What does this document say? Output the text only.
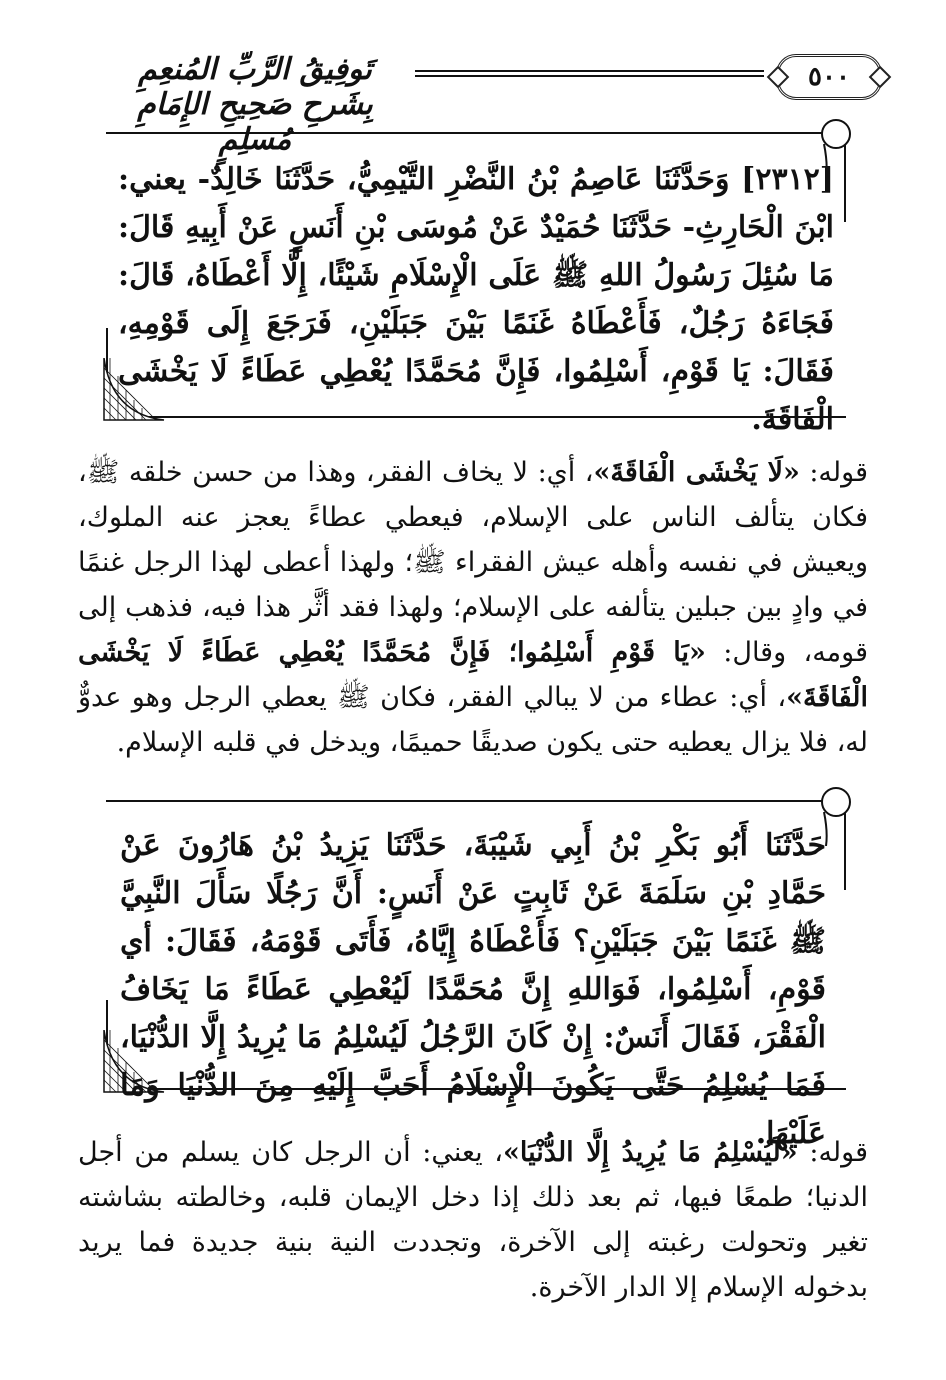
تَوفِيقُ الرَّبِّ المُنعِمِ بِشَرحِ صَحِيحِ الإِمَامِ مُسلِمٍ
٥٠٠
[٢٣١٢] وَحَدَّثَنَا عَاصِمُ بْنُ النَّضْرِ التَّيْمِيُّ، حَدَّثَنَا خَالِدٌ- يعني: ابْنَ الْحَارِثِ- حَدَّثَنَا حُمَيْدٌ عَنْ مُوسَى بْنِ أَنَسٍ عَنْ أَبِيهِ قَالَ: مَا سُئِلَ رَسُولُ اللهِ ﷺ عَلَى الْإِسْلَامِ شَيْئًا، إِلَّا أَعْطَاهُ، قَالَ: فَجَاءَهُ رَجُلٌ، فَأَعْطَاهُ غَنَمًا بَيْنَ جَبَلَيْنِ، فَرَجَعَ إِلَى قَوْمِهِ، فَقَالَ: يَا قَوْمِ، أَسْلِمُوا، فَإِنَّ مُحَمَّدًا يُعْطِي عَطَاءً لَا يَخْشَى الْفَاقَةَ.
قوله: «لَا يَخْشَى الْفَاقَةَ»، أي: لا يخاف الفقر، وهذا من حسن خلقه ﷺ، فكان يتألف الناس على الإسلام، فيعطي عطاءً يعجز عنه الملوك، ويعيش في نفسه وأهله عيش الفقراء ﷺ؛ ولهذا أعطى لهذا الرجل غنمًا في وادٍ بين جبلين يتألفه على الإسلام؛ ولهذا فقد أثَّر هذا فيه، فذهب إلى قومه، وقال: «يَا قَوْمِ أَسْلِمُوا؛ فَإِنَّ مُحَمَّدًا يُعْطِي عَطَاءً لَا يَخْشَى الْفَاقَةَ»، أي: عطاء من لا يبالي الفقر، فكان ﷺ يعطي الرجل وهو عدوٌّ له، فلا يزال يعطيه حتى يكون صديقًا حميمًا، ويدخل في قلبه الإسلام.
حَدَّثَنَا أَبُو بَكْرِ بْنُ أَبِي شَيْبَةَ، حَدَّثَنَا يَزِيدُ بْنُ هَارُونَ عَنْ حَمَّادِ بْنِ سَلَمَةَ عَنْ ثَابِتٍ عَنْ أَنَسٍ: أَنَّ رَجُلًا سَأَلَ النَّبِيَّ ﷺ غَنَمًا بَيْنَ جَبَلَيْنِ؟ فَأَعْطَاهُ إِيَّاهُ، فَأَتَى قَوْمَهُ، فَقَالَ: أي قَوْمِ، أَسْلِمُوا، فَوَاللهِ إِنَّ مُحَمَّدًا لَيُعْطِي عَطَاءً مَا يَخَافُ الْفَقْرَ، فَقَالَ أَنَسٌ: إِنْ كَانَ الرَّجُلُ لَيُسْلِمُ مَا يُرِيدُ إِلَّا الدُّنْيَا، فَمَا يُسْلِمُ حَتَّى يَكُونَ الْإِسْلَامُ أَحَبَّ إِلَيْهِ مِنَ الدُّنْيَا وَمَا عَلَيْهَا.
قوله: «لَيُسْلِمُ مَا يُرِيدُ إِلَّا الدُّنْيَا»، يعني: أن الرجل كان يسلم من أجل الدنيا؛ طمعًا فيها، ثم بعد ذلك إذا دخل الإيمان قلبه، وخالطته بشاشته تغير وتحولت رغبته إلى الآخرة، وتجددت النية بنية جديدة فما يريد بدخوله الإسلام إلا الدار الآخرة.
